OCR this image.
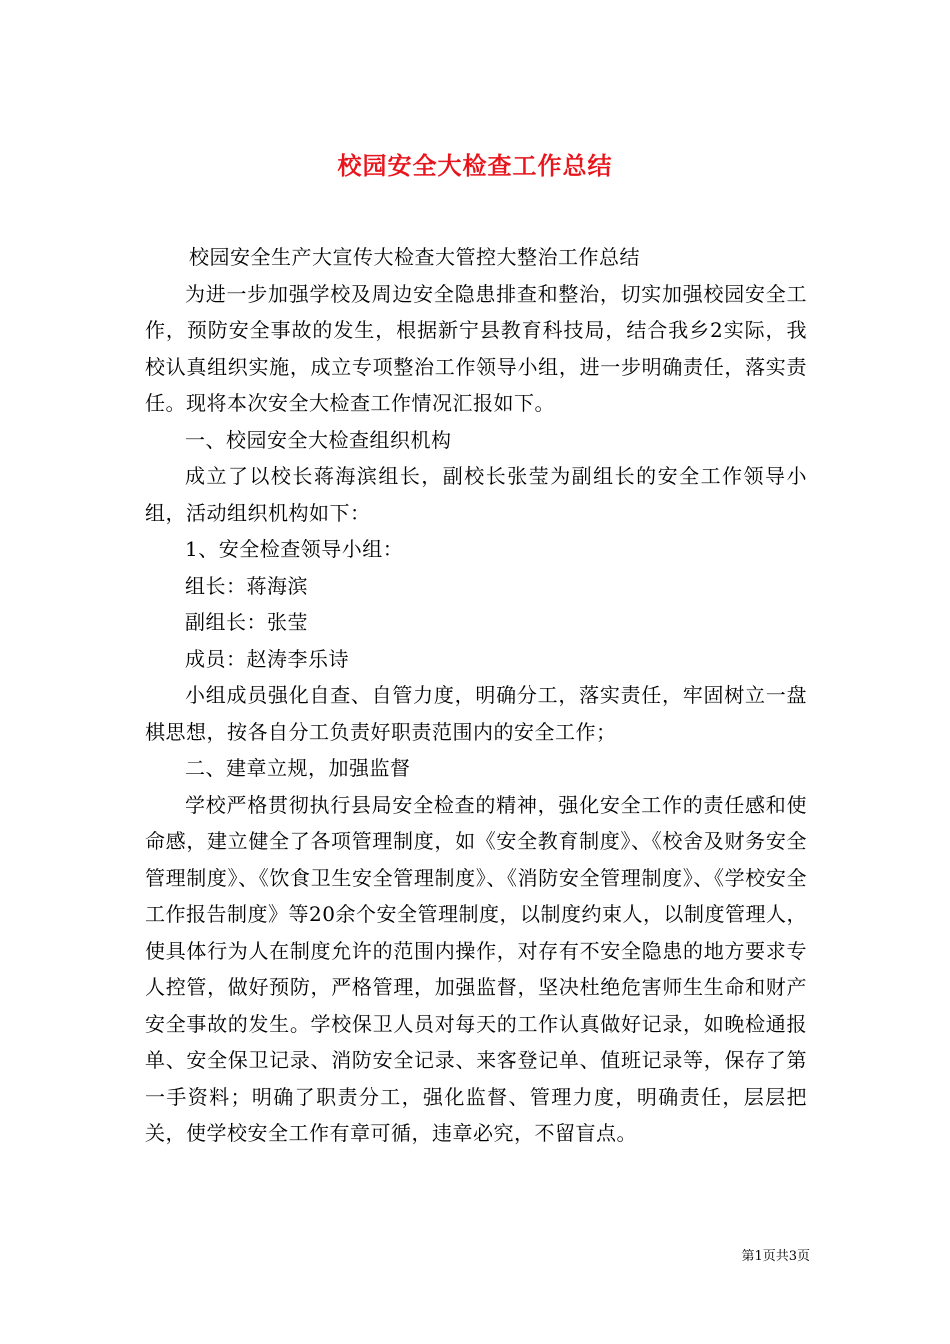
校园安全大检查工作总结

校园安全生产大宣传大检查大管控大整治工作总结

为进一步加强学校及周边安全隐患排查和整治，切实加强校园安全工作，预防安全事故的发生，根据新宁县教育科技局，结合我乡2实际，我校认真组织实施，成立专项整治工作领导小组，进一步明确责任，落实责任。现将本次安全大检查工作情况汇报如下。

一、校园安全大检查组织机构

成立了以校长蒋海滨组长，副校长张莹为副组长的安全工作领导小组，活动组织机构如下：

1、安全检查领导小组：

组长：蒋海滨

副组长：张莹

成员：赵涛李乐诗

小组成员强化自查、自管力度，明确分工，落实责任，牢固树立一盘棋思想，按各自分工负责好职责范围内的安全工作；

二、建章立规，加强监督

学校严格贯彻执行县局安全检查的精神，强化安全工作的责任感和使命感，建立健全了各项管理制度，如《安全教育制度》、《校舍及财务安全管理制度》、《饮食卫生安全管理制度》、《消防安全管理制度》、《学校安全工作报告制度》等20余个安全管理制度，以制度约束人，以制度管理人，使具体行为人在制度允许的范围内操作，对存有不安全隐患的地方要求专人控管，做好预防，严格管理，加强监督，坚决杜绝危害师生生命和财产安全事故的发生。学校保卫人员对每天的工作认真做好记录，如晚检通报单、安全保卫记录、消防安全记录、来客登记单、值班记录等，保存了第一手资料；明确了职责分工，强化监督、管理力度，明确责任，层层把关，使学校安全工作有章可循，违章必究，不留盲点。

第1页共3页
